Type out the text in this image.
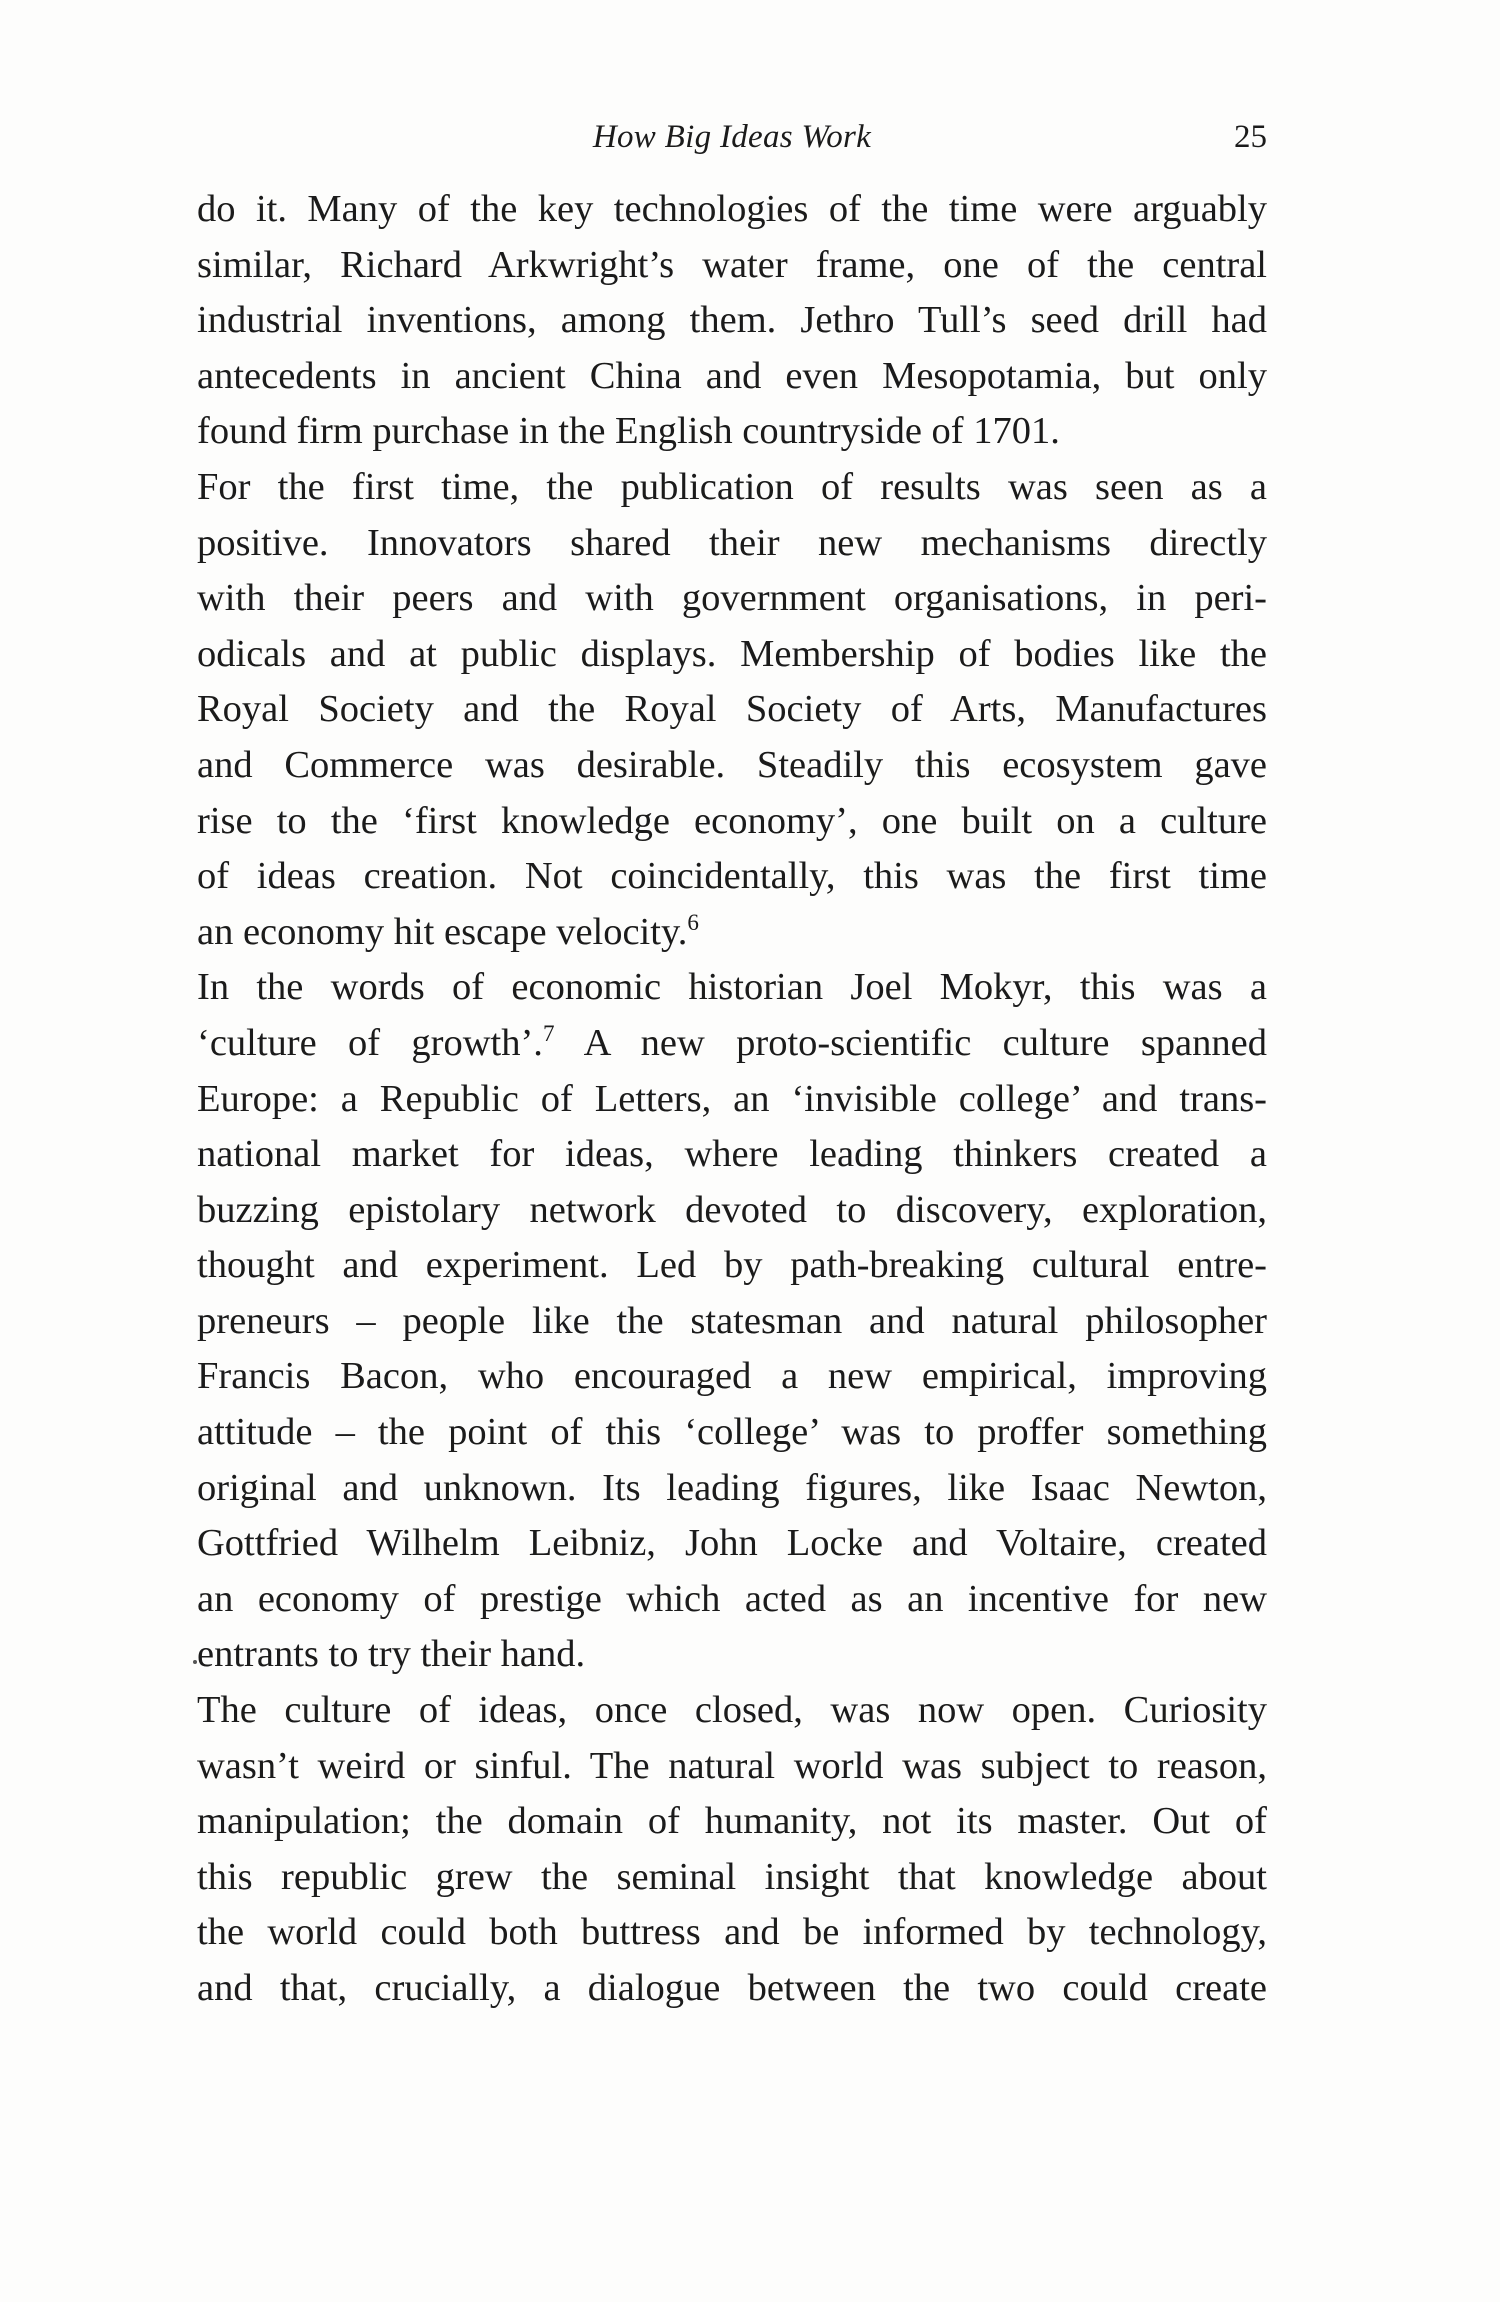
How Big Ideas Work	25

do it. Many of the key technologies of the time were arguably
similar, Richard Arkwright’s water frame, one of the central
industrial inventions, among them. Jethro Tull’s seed drill had
antecedents in ancient China and even Mesopotamia, but only
found firm purchase in the English countryside of 1701.

For the first time, the publication of results was seen as a
positive. Innovators shared their new mechanisms directly
with their peers and with government organisations, in peri-
odicals and at public displays. Membership of bodies like the
Royal Society and the Royal Society of Arts, Manufactures
and Commerce was desirable. Steadily this ecosystem gave
rise to the ‘first knowledge economy’, one built on a culture
of ideas creation. Not coincidentally, this was the first time
an economy hit escape velocity.$^6$

In the words of economic historian Joel Mokyr, this was a
‘culture of growth’.$^7$ A new proto-scientific culture spanned
Europe: a Republic of Letters, an ‘invisible college’ and trans-
national market for ideas, where leading thinkers created a
buzzing epistolary network devoted to discovery, exploration,
thought and experiment. Led by path-breaking cultural entre-
preneurs – people like the statesman and natural philosopher
Francis Bacon, who encouraged a new empirical, improving
attitude – the point of this ‘college’ was to proffer something
original and unknown. Its leading figures, like Isaac Newton,
Gottfried Wilhelm Leibniz, John Locke and Voltaire, created
an economy of prestige which acted as an incentive for new
entrants to try their hand.

The culture of ideas, once closed, was now open. Curiosity
wasn’t weird or sinful. The natural world was subject to reason,
manipulation; the domain of humanity, not its master. Out of
this republic grew the seminal insight that knowledge about
the world could both buttress and be informed by technology,
and that, crucially, a dialogue between the two could create
